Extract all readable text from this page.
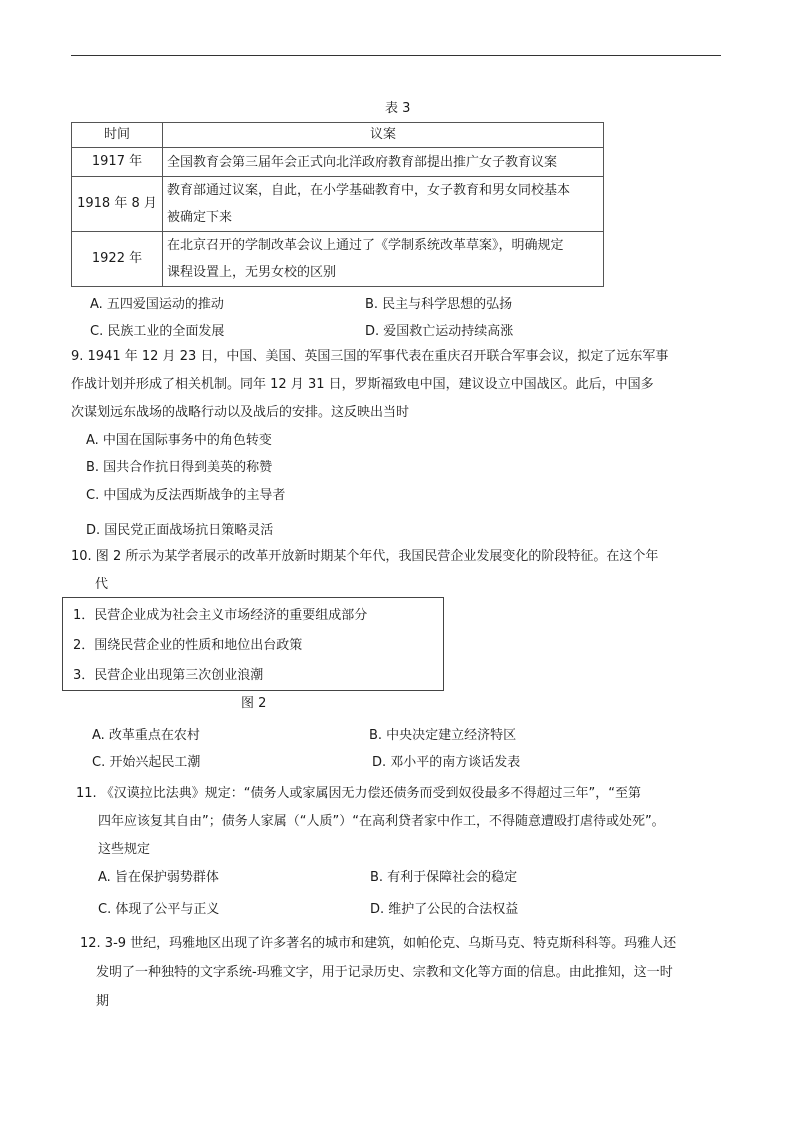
表 3
时间	议案
1917 年	全国教育会第三届年会正式向北洋政府教育部提出推广女子教育议案
1918 年 8 月	教育部通过议案，自此，在小学基础教育中，女子教育和男女同校基本
被确定下来
1922 年	在北京召开的学制改革会议上通过了《学制系统改革草案》，明确规定
课程设置上，无男女校的区别
A. 五四爱国运动的推动	B. 民主与科学思想的弘扬
C. 民族工业的全面发展	D. 爱国救亡运动持续高涨
9. 1941 年 12 月 23 日，中国、美国、英国三国的军事代表在重庆召开联合军事会议，拟定了远东军事
作战计划并形成了相关机制。同年 12 月 31 日，罗斯福致电中国，建议设立中国战区。此后，中国多
次谋划远东战场的战略行动以及战后的安排。这反映出当时
A. 中国在国际事务中的角色转变
B. 国共合作抗日得到美英的称赞
C. 中国成为反法西斯战争的主导者
D. 国民党正面战场抗日策略灵活
10. 图 2 所示为某学者展示的改革开放新时期某个年代，我国民营企业发展变化的阶段特征。在这个年
代
1．民营企业成为社会主义市场经济的重要组成部分
2．围绕民营企业的性质和地位出台政策
3．民营企业出现第三次创业浪潮
图 2
A. 改革重点在农村	B. 中央决定建立经济特区
C. 开始兴起民工潮	D. 邓小平的南方谈话发表
11. 《汉谟拉比法典》规定：“债务人或家属因无力偿还债务而受到奴役最多不得超过三年”，“至第
四年应该复其自由”；债务人家属（“人质”）“在高利贷者家中作工，不得随意遭殴打虐待或处死”。
这些规定
A. 旨在保护弱势群体	B. 有利于保障社会的稳定
C. 体现了公平与正义	D. 维护了公民的合法权益
12. 3-9 世纪，玛雅地区出现了许多著名的城市和建筑，如帕伦克、乌斯马克、特克斯科科等。玛雅人还
发明了一种独特的文字系统-玛雅文字，用于记录历史、宗教和文化等方面的信息。由此推知，这一时
期
